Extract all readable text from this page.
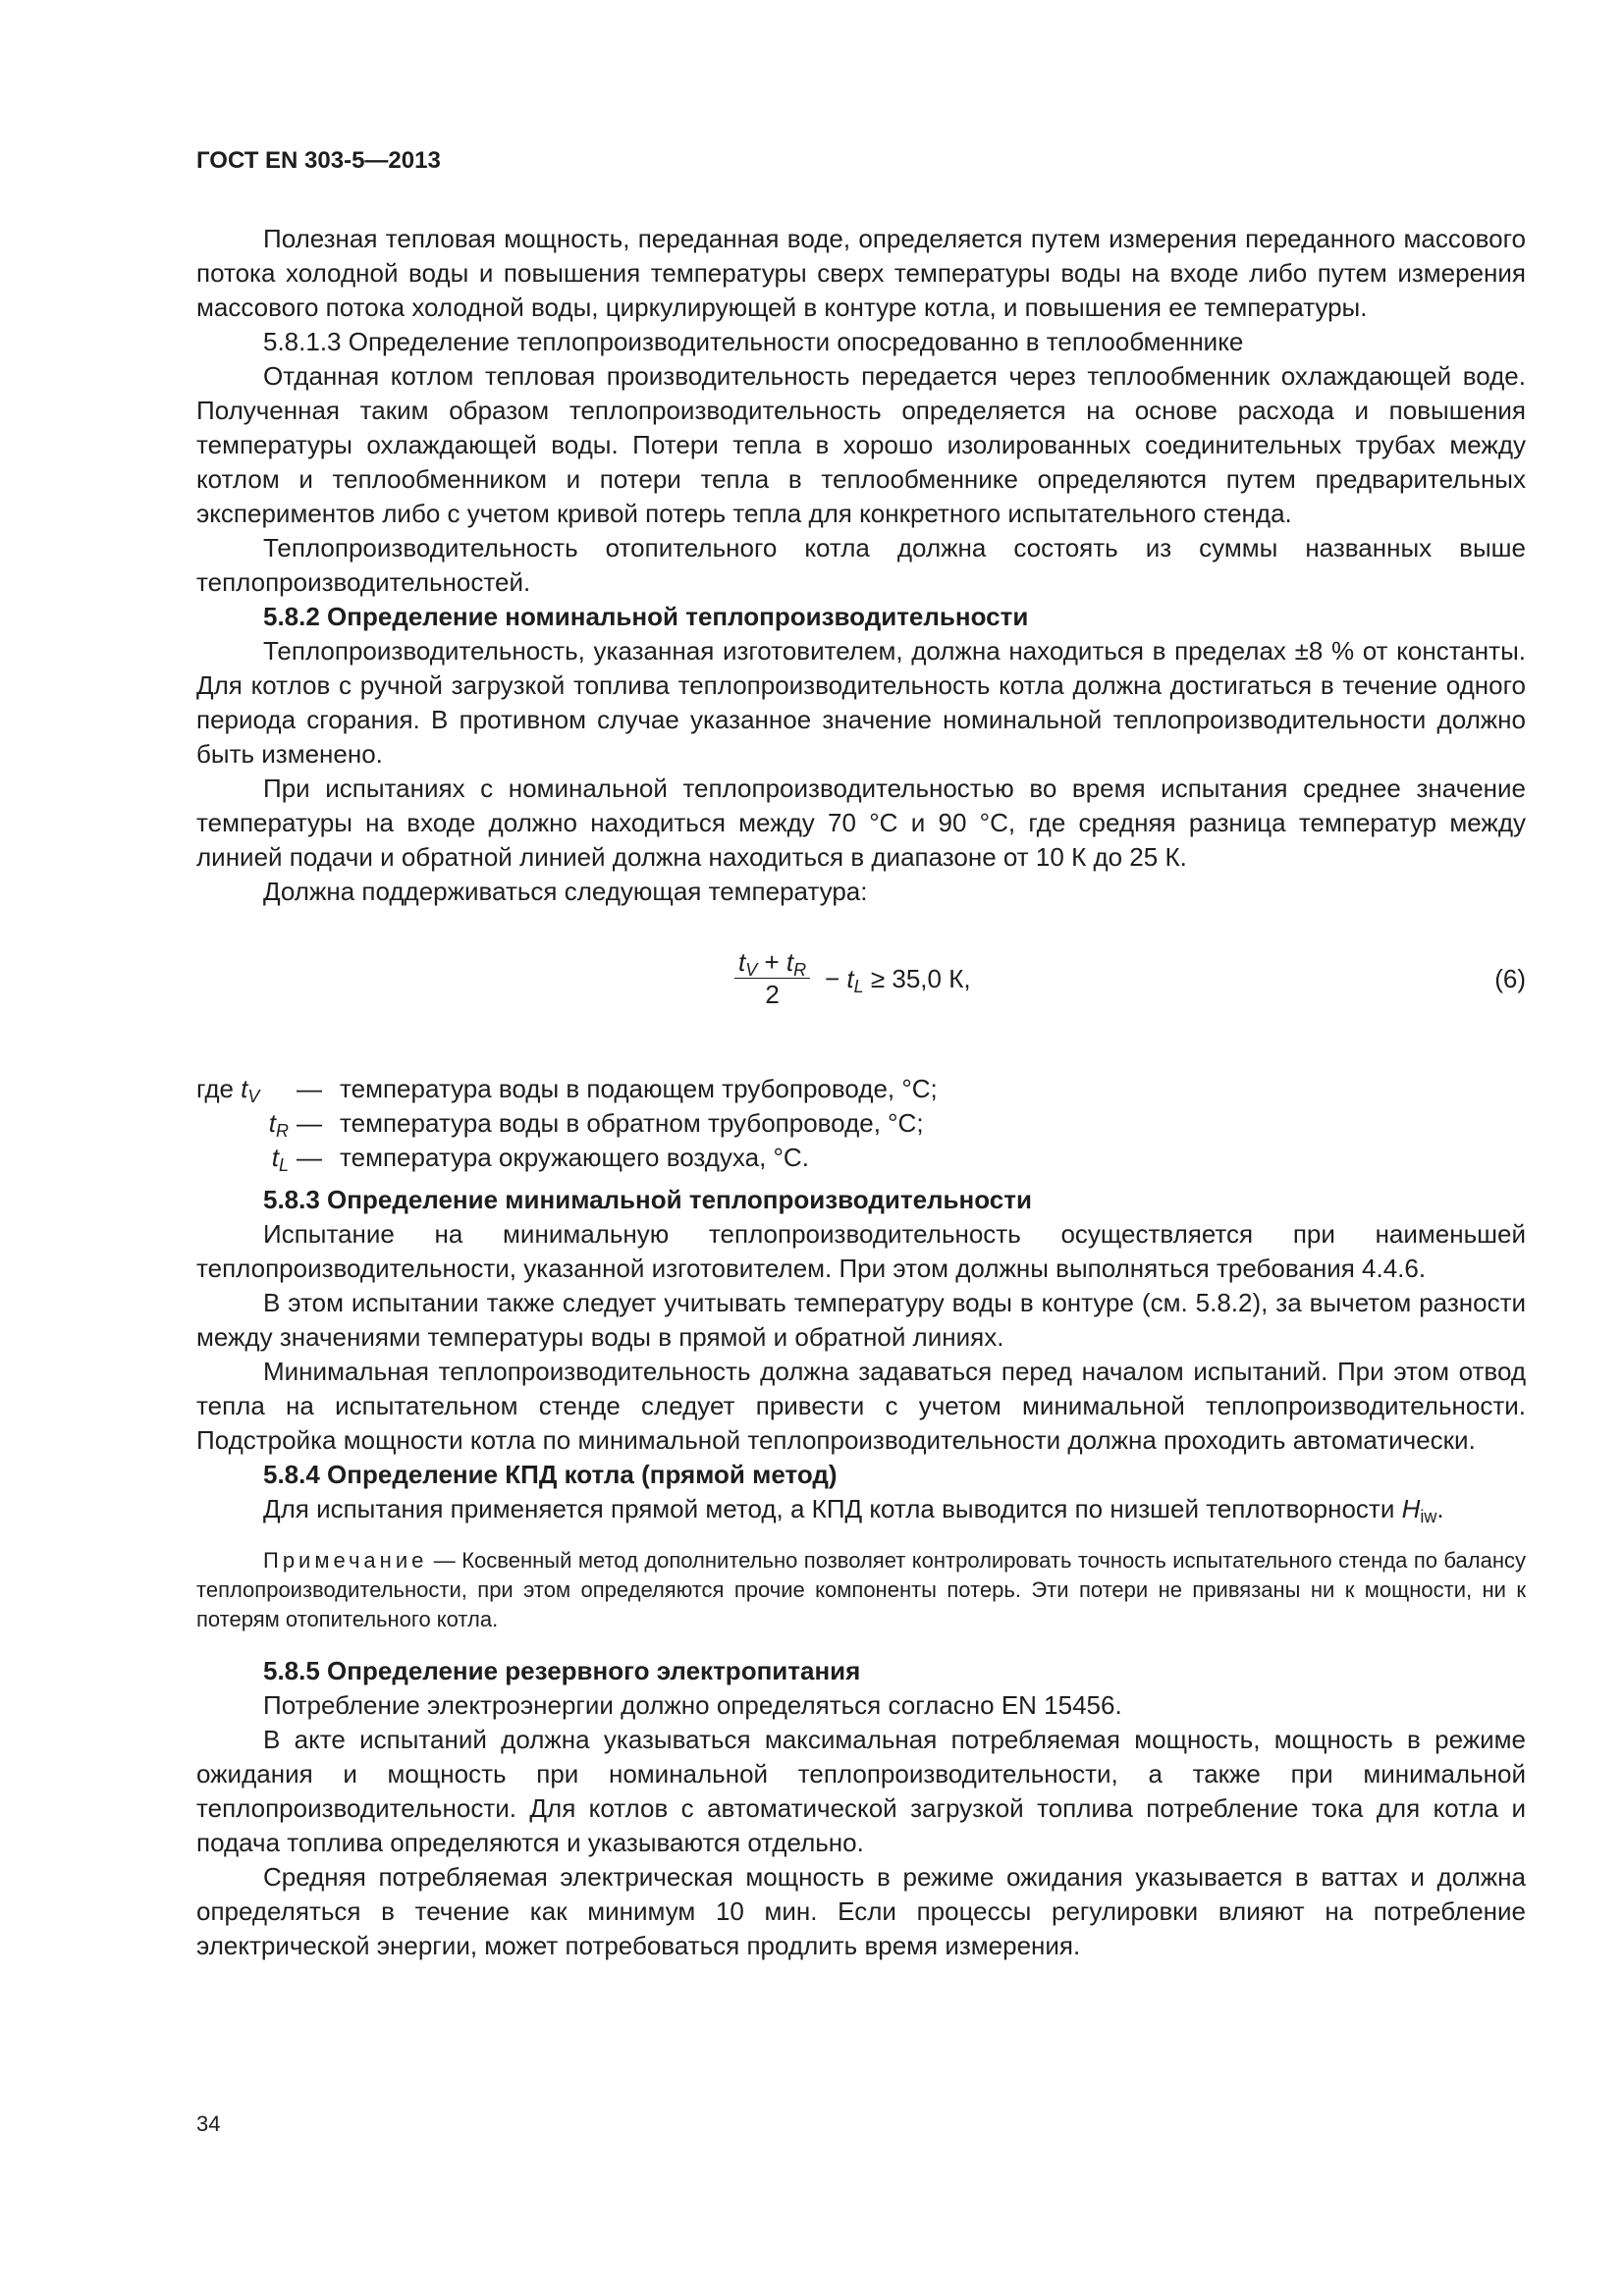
ГОСТ EN 303-5—2013

Полезная тепловая мощность, переданная воде, определяется путем измерения переданного массового потока холодной воды и повышения температуры сверх температуры воды на входе либо путем измерения массового потока холодной воды, циркулирующей в контуре котла, и повышения ее температуры.

5.8.1.3 Определение теплопроизводительности опосредованно в теплообменнике

Отданная котлом тепловая производительность передается через теплообменник охлаждающей воде. Полученная таким образом теплопроизводительность определяется на основе расхода и повышения температуры охлаждающей воды. Потери тепла в хорошо изолированных соединительных трубах между котлом и теплообменником и потери тепла в теплообменнике определяются путем предварительных экспериментов либо с учетом кривой потерь тепла для конкретного испытательного стенда.

Теплопроизводительность отопительного котла должна состоять из суммы названных выше теплопроизводительностей.

5.8.2 Определение номинальной теплопроизводительности

Теплопроизводительность, указанная изготовителем, должна находиться в пределах ±8 % от константы. Для котлов с ручной загрузкой топлива теплопроизводительность котла должна достигаться в течение одного периода сгорания. В противном случае указанное значение номинальной теплопроизводительности должно быть изменено.

При испытаниях с номинальной теплопроизводительностью во время испытания среднее значение температуры на входе должно находиться между 70 °С и 90 °С, где средняя разница температур между линией подачи и обратной линией должна находиться в диапазоне от 10 К до 25 К.

Должна поддерживаться следующая температура:

$\frac{t_V + t_R}{2} - t_L \ge 35,0$ К,	(6)
где $t_V$	— температура воды в подающем трубопроводе, °С;
$t_R$ — температура воды в обратном трубопроводе, °С;
$t_L$ — температура окружающего воздуха, °С.

5.8.3 Определение минимальной теплопроизводительности

Испытание на минимальную теплопроизводительность осуществляется при наименьшей теплопроизводительности, указанной изготовителем. При этом должны выполняться требования 4.4.6.

В этом испытании также следует учитывать температуру воды в контуре (см. 5.8.2), за вычетом разности между значениями температуры воды в прямой и обратной линиях.

Минимальная теплопроизводительность должна задаваться перед началом испытаний. При этом отвод тепла на испытательном стенде следует привести с учетом минимальной теплопроизводительности. Подстройка мощности котла по минимальной теплопроизводительности должна проходить автоматически.

5.8.4 Определение КПД котла (прямой метод)

Для испытания применяется прямой метод, а КПД котла выводится по низшей теплотворности $H_{iw}$.

Примечание — Косвенный метод дополнительно позволяет контролировать точность испытательного стенда по балансу теплопроизводительности, при этом определяются прочие компоненты потерь. Эти потери не привязаны ни к мощности, ни к потерям отопительного котла.

5.8.5 Определение резервного электропитания

Потребление электроэнергии должно определяться согласно EN 15456.

В акте испытаний должна указываться максимальная потребляемая мощность, мощность в режиме ожидания и мощность при номинальной теплопроизводительности, а также при минимальной теплопроизводительности. Для котлов с автоматической загрузкой топлива потребление тока для котла и подача топлива определяются и указываются отдельно.

Средняя потребляемая электрическая мощность в режиме ожидания указывается в ваттах и должна определяться в течение как минимум 10 мин. Если процессы регулировки влияют на потребление электрической энергии, может потребоваться продлить время измерения.

34
